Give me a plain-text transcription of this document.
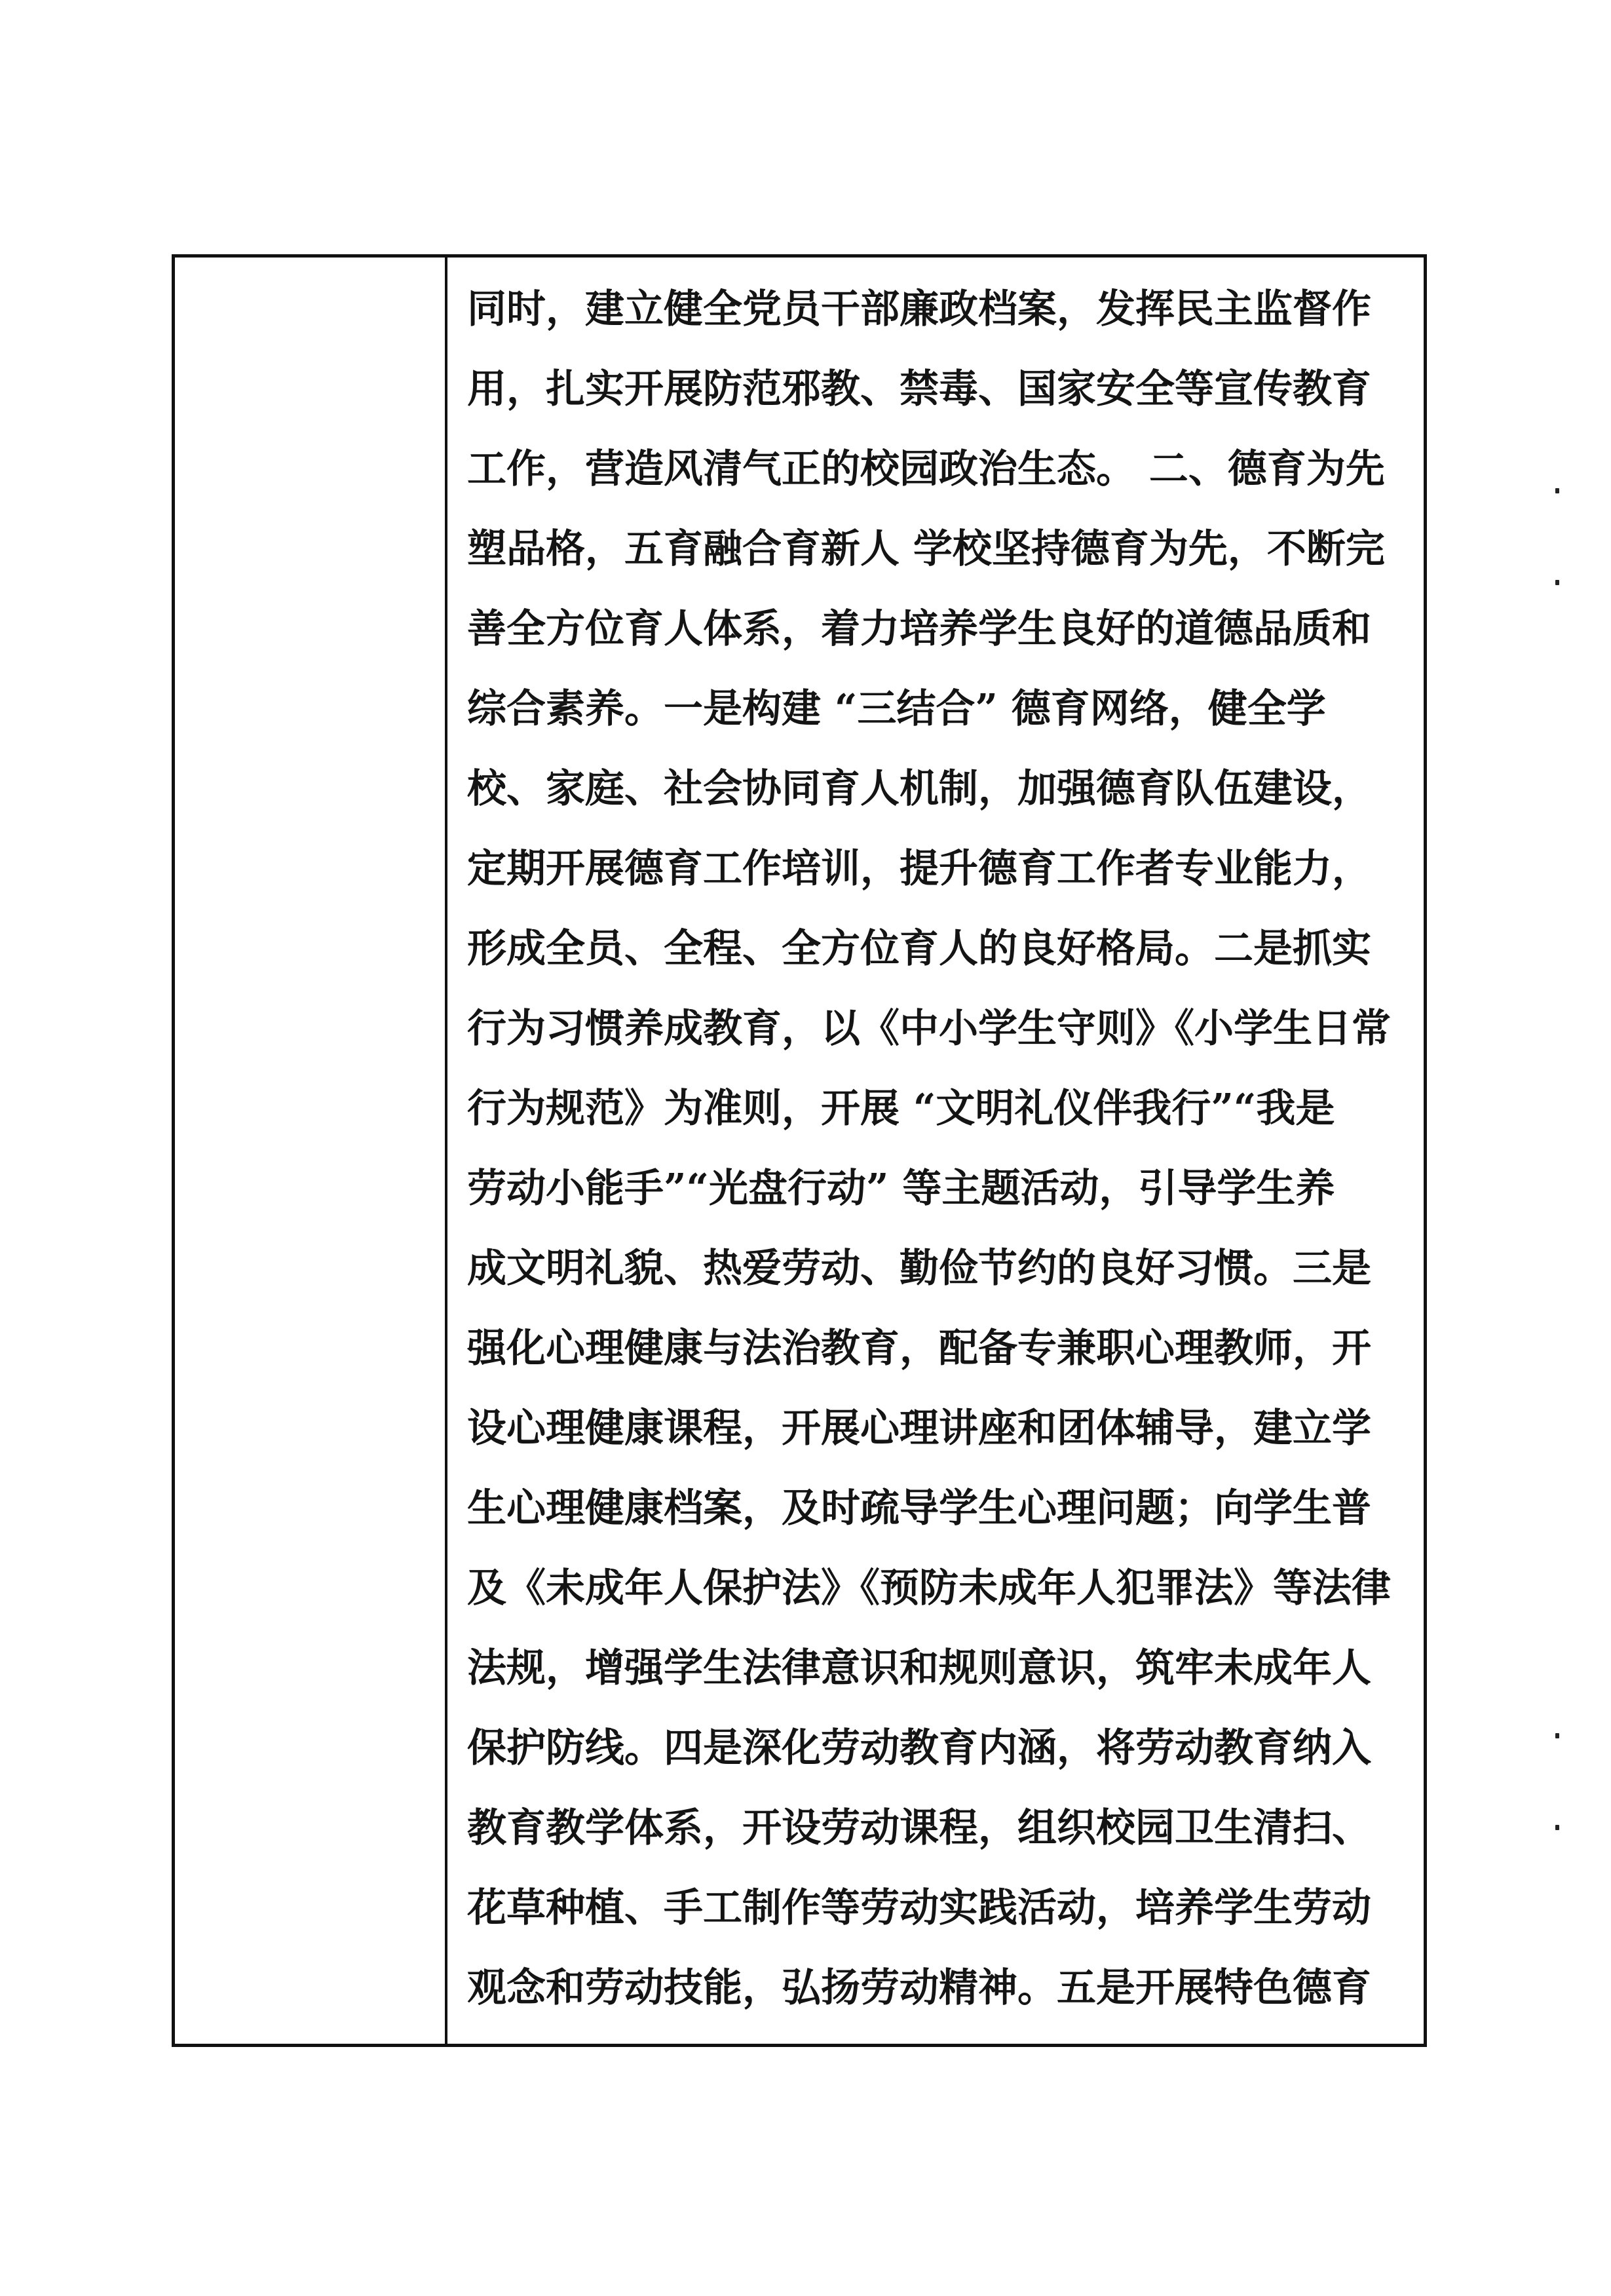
同时，建立健全党员干部廉政档案，发挥民主监督作
用，扎实开展防范邪教、禁毒、国家安全等宣传教育
工作，营造风清气正的校园政治生态。 二、德育为先
塑品格，五育融合育新人 学校坚持德育为先，不断完
善全方位育人体系，着力培养学生良好的道德品质和
综合素养。一是构建 “三结合” 德育网络，健全学
校、家庭、社会协同育人机制，加强德育队伍建设，
定期开展德育工作培训，提升德育工作者专业能力，
形成全员、全程、全方位育人的良好格局。二是抓实
行为习惯养成教育，以《中小学生守则》《小学生日常
行为规范》为准则，开展 “文明礼仪伴我行”“我是
劳动小能手”“光盘行动” 等主题活动，引导学生养
成文明礼貌、热爱劳动、勤俭节约的良好习惯。三是
强化心理健康与法治教育，配备专兼职心理教师，开
设心理健康课程，开展心理讲座和团体辅导，建立学
生心理健康档案，及时疏导学生心理问题；向学生普
及《未成年人保护法》《预防未成年人犯罪法》等法律
法规，增强学生法律意识和规则意识，筑牢未成年人
保护防线。四是深化劳动教育内涵，将劳动教育纳入
教育教学体系，开设劳动课程，组织校园卫生清扫、
花草种植、手工制作等劳动实践活动，培养学生劳动
观念和劳动技能，弘扬劳动精神。五是开展特色德育
